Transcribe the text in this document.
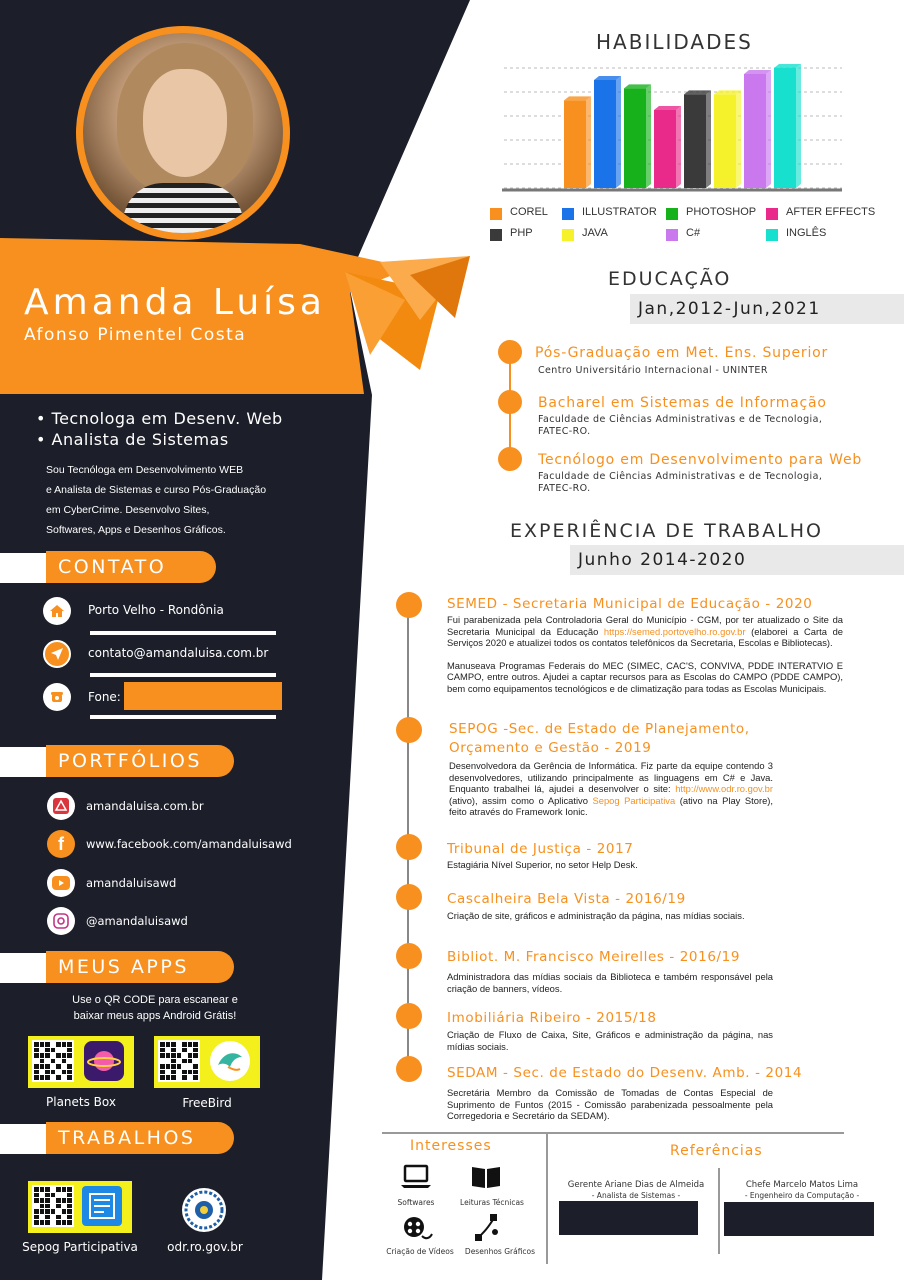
Amanda Luísa
Afonso Pimentel Costa
• Tecnologa em Desenv. Web
• Analista de Sistemas
Sou Tecnóloga em Desenvolvimento WEB
e Analista de Sistemas e curso Pós-Graduação
em CyberCrime. Desenvolvo Sites,
Softwares, Apps e Desenhos Gráficos.
CONTATO
Porto Velho - Rondônia
contato@amandaluisa.com.br
Fone:
PORTFÓLIOS
amandaluisa.com.br
f www.facebook.com/amandaluisawd
amandaluisawd
@amandaluisawd
MEUS APPS
Use o QR CODE para escanear e
baixar meus apps Android Grátis!
Planets Box	FreeBird
TRABALHOS
Sepog Participativa	odr.ro.gov.br
HABILIDADES
COREL	ILLUSTRATOR	PHOTOSHOP	AFTER EFFECTS
PHP	JAVA	C#	INGLÊS
EDUCAÇÃO
Jan,2012-Jun,2021
Pós-Graduação em Met. Ens. Superior
Centro Universitário Internacional - UNINTER
Bacharel em Sistemas de Informação
Faculdade de Ciências Administrativas e de Tecnologia,
FATEC-RO.
Tecnólogo em Desenvolvimento para Web
Faculdade de Ciências Administrativas e de Tecnologia,
FATEC-RO.
EXPERIÊNCIA DE TRABALHO
Junho 2014-2020
SEMED - Secretaria Municipal de Educação - 2020
Fui parabenizada pela Controladoria Geral do Município - CGM, por ter atualizado o Site da Secretaria Municipal da Educação https://semed.portovelho.ro.gov.br (elaborei a Carta de Serviços 2020 e atualizei todos os contatos telefônicos da Secretaria, Escolas e Bibliotecas).
Manuseava Programas Federais do MEC (SIMEC, CAC'S, CONVIVA, PDDE INTERATVIO E CAMPO, entre outros. Ajudei a captar recursos para as Escolas do CAMPO (PDDE CAMPO), bem como equipamentos tecnológicos e de climatização para todas as Escolas Municipais.
SEPOG -Sec. de Estado de Planejamento,
Orçamento e Gestão - 2019
Desenvolvedora da Gerência de Informática. Fiz parte da equipe contendo 3 desenvolvedores, utilizando principalmente as linguagens em C# e Java. Enquanto trabalhei lá, ajudei a desenvolver o site: http://www.odr.ro.gov.br (ativo), assim como o Aplicativo Sepog Participativa (ativo na Play Store), feito através do Framework Ionic.
Tribunal de Justiça - 2017
Estagiária Nível Superior, no setor Help Desk.
Cascalheira Bela Vista - 2016/19
Criação de site, gráficos e administração da página, nas mídias sociais.
Bibliot. M. Francisco Meirelles - 2016/19
Administradora das mídias sociais da Biblioteca e também responsável pela criação de banners, vídeos.
Imobiliária Ribeiro - 2015/18
Criação de Fluxo de Caixa, Site, Gráficos e administração da página, nas mídias sociais.
SEDAM - Sec. de Estado do Desenv. Amb. - 2014
Secretária Membro da Comissão de Tomadas de Contas Especial de Suprimento de Funtos (2015 - Comissão parabenizada pessoalmente pela Corregedoria e Secretário da SEDAM).
Interesses
Softwares	Leituras Técnicas
Criação de Vídeos	Desenhos Gráficos
Referências
Gerente Ariane Dias de Almeida
- Analista de Sistemas -
Chefe Marcelo Matos Lima
- Engenheiro da Computação -
